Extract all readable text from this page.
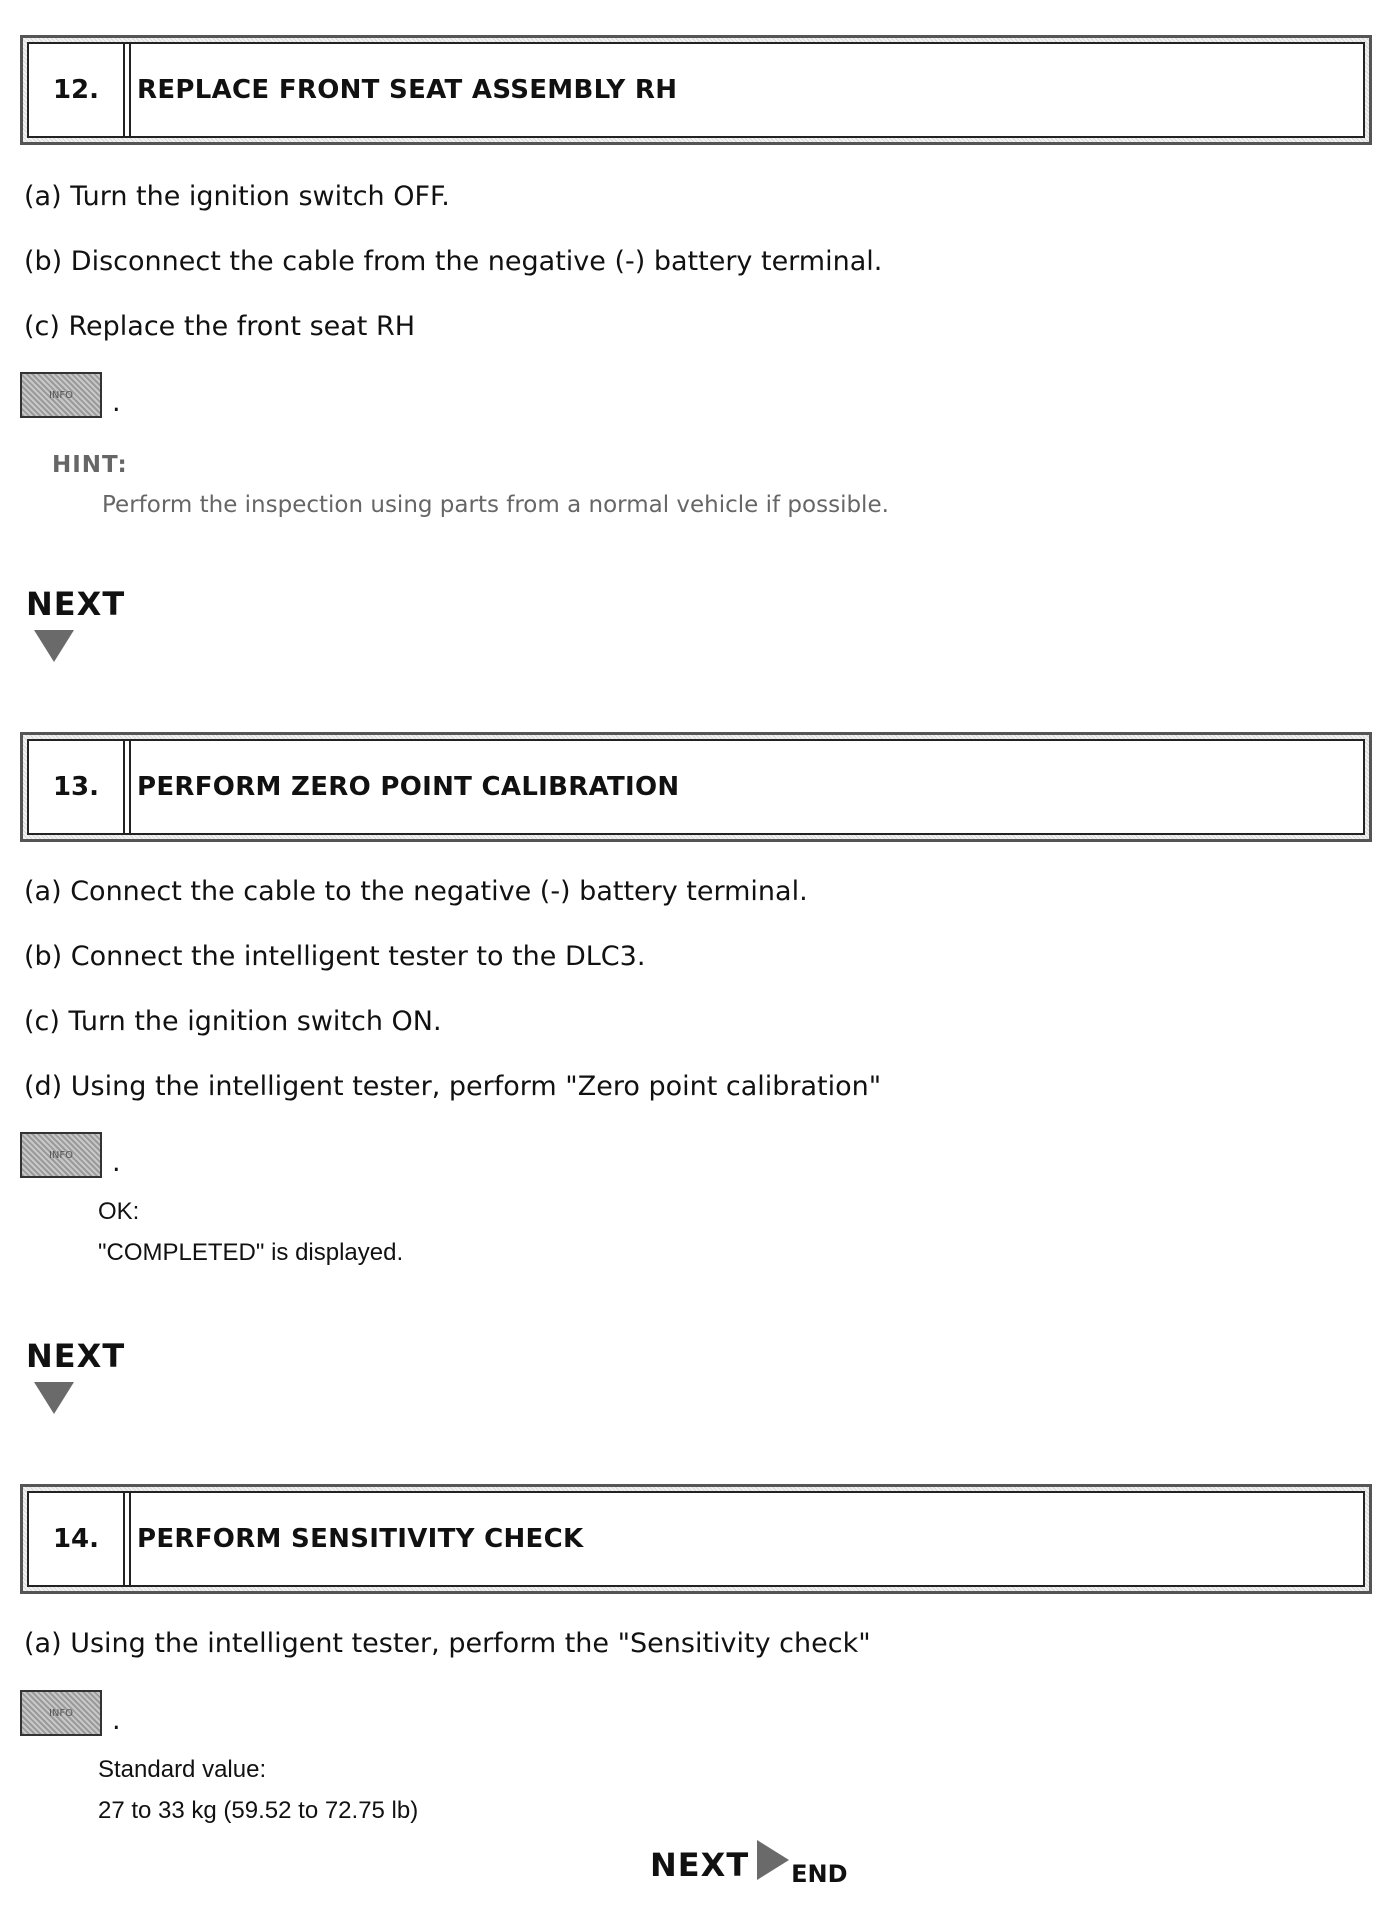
12.	REPLACE FRONT SEAT ASSEMBLY RH
(a) Turn the ignition switch OFF.
(b) Disconnect the cable from the negative (-) battery terminal.
(c) Replace the front seat RH
INFO	.
HINT:
Perform the inspection using parts from a normal vehicle if possible.
NEXT
13.	PERFORM ZERO POINT CALIBRATION
(a) Connect the cable to the negative (-) battery terminal.
(b) Connect the intelligent tester to the DLC3.
(c) Turn the ignition switch ON.
(d) Using the intelligent tester, perform "Zero point calibration"
INFO	.
OK:
"COMPLETED" is displayed.
NEXT
14.	PERFORM SENSITIVITY CHECK
(a) Using the intelligent tester, perform the "Sensitivity check"
INFO	.
Standard value:
27 to 33 kg (59.52 to 72.75 lb)
NEXT END
